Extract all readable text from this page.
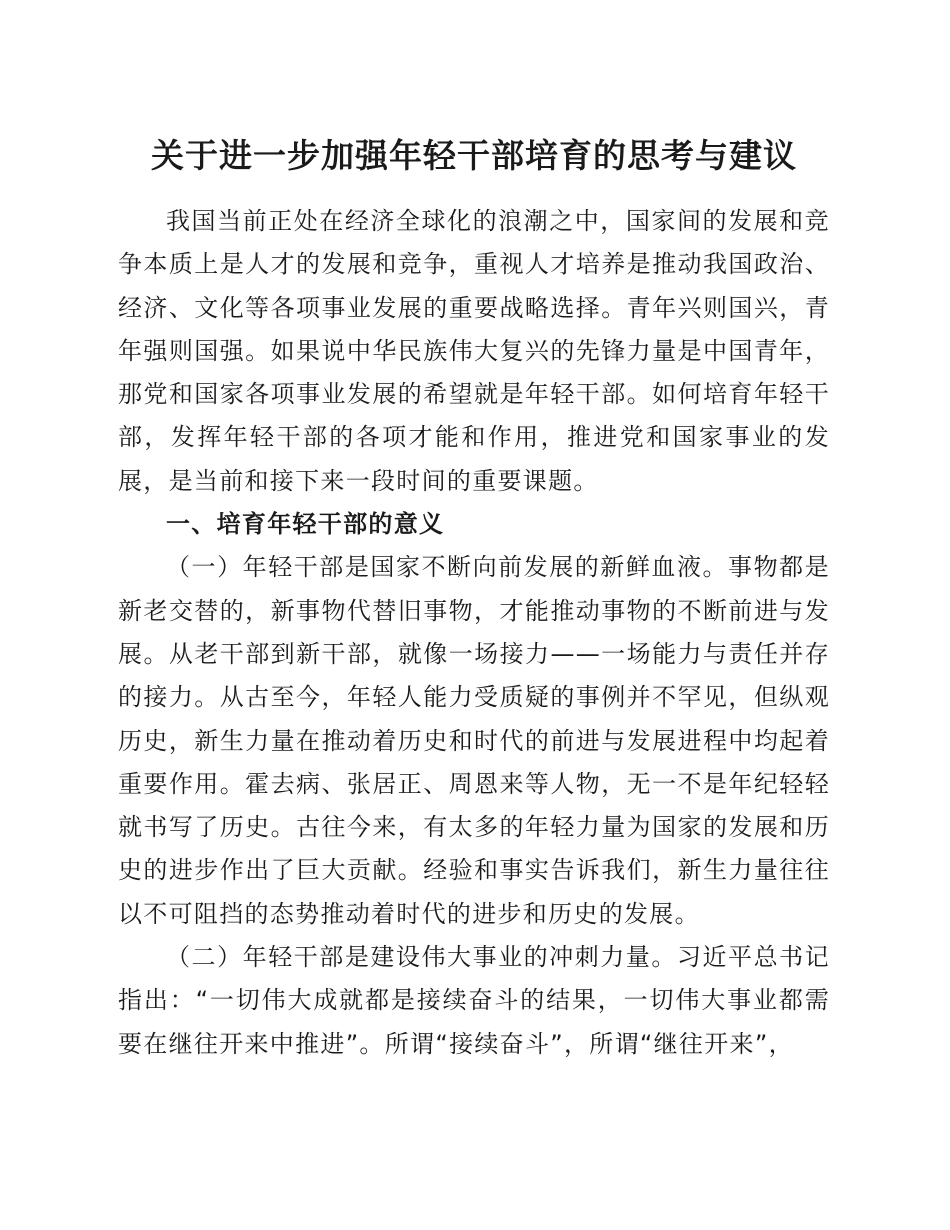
关于进一步加强年轻干部培育的思考与建议

我国当前正处在经济全球化的浪潮之中，国家间的发展和竞争本质上是人才的发展和竞争，重视人才培养是推动我国政治、经济、文化等各项事业发展的重要战略选择。青年兴则国兴，青年强则国强。如果说中华民族伟大复兴的先锋力量是中国青年，那党和国家各项事业发展的希望就是年轻干部。如何培育年轻干部，发挥年轻干部的各项才能和作用，推进党和国家事业的发展，是当前和接下来一段时间的重要课题。

一、培育年轻干部的意义

（一）年轻干部是国家不断向前发展的新鲜血液。事物都是新老交替的，新事物代替旧事物，才能推动事物的不断前进与发展。从老干部到新干部，就像一场接力——一场能力与责任并存的接力。从古至今，年轻人能力受质疑的事例并不罕见，但纵观历史，新生力量在推动着历史和时代的前进与发展进程中均起着重要作用。霍去病、张居正、周恩来等人物，无一不是年纪轻轻就书写了历史。古往今来，有太多的年轻力量为国家的发展和历史的进步作出了巨大贡献。经验和事实告诉我们，新生力量往往以不可阻挡的态势推动着时代的进步和历史的发展。

（二）年轻干部是建设伟大事业的冲刺力量。习近平总书记指出：“一切伟大成就都是接续奋斗的结果，一切伟大事业都需要在继往开来中推进”。所谓“接续奋斗”，所谓“继往开来”，
